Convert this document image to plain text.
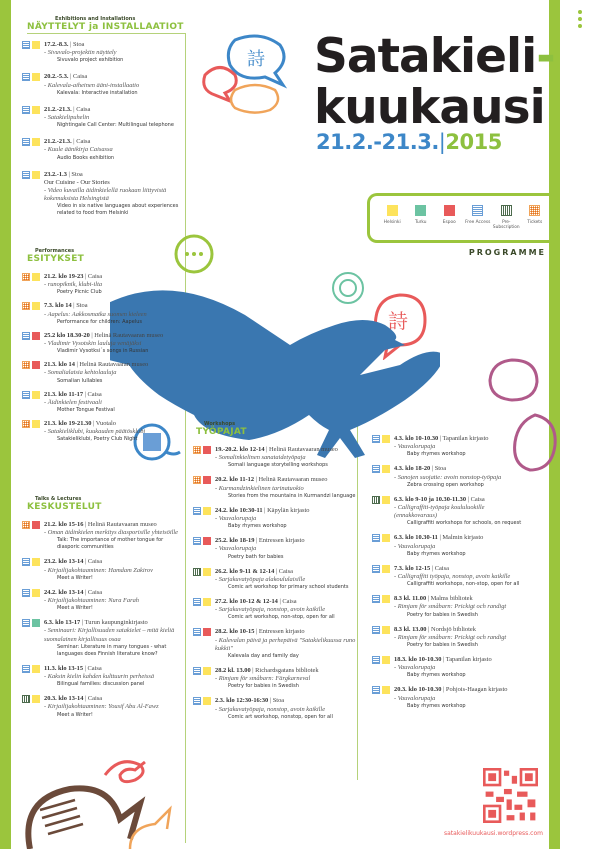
Satakieli-
kuukausi
21.2.-21.3.|2015
詩
詩
Helsinki	Turku	Espoo Free Access	Pre-Subscription
Tickets
PROGRAMME
Exhibitions and Installations
NÄYTTELYT ja INSTALLAATIOT
17.2.-8.3. | Stoa
- Sivuvalo-projektin näyttely
Sivuvalo project exhibition
20.2.-5.3. | Caisa
- Kalevala-aiheinen ääni-installaatio
Kalevala: Interactive installation
21.2.-21.3. | Caisa
- Satakielipuhelin
Nightingale Call Center: Multilingual telephone
21.2.-21.3. | Caisa
- Kuule äänikirja Caisassa
Audio Books exhibition
23.2.-1.3 | Stoa
Our Cuisine - Our Stories
- Video kuvailla äidinkielellä ruokaan liittyvistä kokemuksista Helsingistä
Video in six native languages about experiences related to food from Helsinki
Performances
ESITYKSET
21.2. klo 19-23 | Caisa
- runopiknik, klubi-ilta
Poetry Picnic Club
7.3. klo 14 | Stoa
- Aapelus: Aakkosmatka suomen kieleen
Performance for children: Aapelus
25.2 klo 18.30-20 | Helinä Rautavaaran museo
- Vladimir Vysotskin lauluja venäjäksi
Vladimir Vysotksi´s songs in Russian
21.3. klo 14 | Helinä Rautavaaran museo
- Somalialaisia kehtolauluja
Somalian lullabies
21.3. klo 11-17 | Caisa
- Äidinkielen festivaali
Mother Tongue Festival
21.3. klo 19-21.30 | Vuotalo
- Satakieliklubi, kuukauden päätösklubi
Satakieliklubi, Poetry Club Night
Talks & Lectures
KESKUSTELUT
21.2. klo 15-16 | Helinä Rautavaaran museo
- Oman äidinkielen merkitys diasporisille yhteisöille
Talk: The importance of mother tongue for diasporic communities
23.2. klo 13-14 | Caisa
- Kirjailijakohtaaminen: Hamdam Zakirov
Meet a Writer!
24.2. klo 13-14 | Caisa
- Kirjailijakohtaaminen: Nura Farah
Meet a Writer!
6.3. klo 13-17 | Turun kaupunginkirjasto
- Seminaari: Kirjallisuuden satakielet – mitä kieliä suomalainen kirjallisuus osaa
Seminar: Literature in many tongues - what languages does Finnish literature know?
11.3. klo 13-15 | Caisa
- Kaksin kielin kahden kulttuurin perheissä
Bilingual families: discussion panel
20.3. klo 13-14 | Caisa
- Kirjailijakohtaaminen: Yousif Abu Al-Fawz
Meet a Writer!
Workshops
TYÖPAJAT
19.-20.2. klo 12-14 | Helinä Rautavaaran museo
- Somalinkielinen sanataidetyöpaja
Somali language storytelling workshops
20.2. klo 11-12 | Helinä Rautavaaran museo
- Kurmandzinkielinen tarinatuokio
Stories from the mountains in Kurmandzi language
24.2. klo 10:30-11 | Käpylän kirjasto
- Vauvalorupaja
Baby rhymes workshop
25.2. klo 18-19 | Entressen kirjasto
- Vauvalorupaja
Poetry bath for babies
26.2. klo 9-11 & 12-14 | Caisa
- Sarjakuvatyöpaja alakoululaisille
Comic art workshop for primary school students
27.2. klo 10-12 & 12-14 | Caisa
- Sarjakuvatyöpaja, nonstop, avoin kaikille
Comic art workshop, non-stop, open for all
28.2. klo 10-15 | Entressen kirjasto
- Kalevalan päivä ja perhepäivä "Satakielikuussa runo kukkii"
Kalevala day and family day
28.2 kl. 13.00 | Richardsgatans bibliotek
- Rimjam för småbarn: Färgkarneval
Poetry for babies in Swedish
2.3. klo 12:30-16:30 | Stoa
- Sarjakuvatyöpaja, nonstop, avoin kaikille
Comic art workshop, nonstop, open for all
4.3. klo 10-10.30 | Tapanilan kirjasto
- Vauvalorupaja
Baby rhymes workshop
4.3. klo 18-20 | Stoa
- Sanojen suojatie: avoin nonstop-työpaja
Zebra crossing open workshop
6.3. klo 9-10 ja 10.30-11.30 | Caisa
- Calligraffiti-työpaja koululuokille (ennakkovaraus)
Calligraffiti workshops for schools, on request
6.3. klo 10.30-11 | Malmin kirjasto
- Vauvalorupaja
Baby rhymes workshop
7.3. klo 12-15 | Caisa
- Calligraffiti työpaja, nonstop, avoin kaikille
Calligraffiti workshops, non-stop, open for all
8.3 kl. 11.00 | Malms bibliotek
- Rimjam för småbarn: Prickigt och randigt
Poetry for babies in Swedish
8.3 kl. 13.00 | Nordsjö bibliotek
- Rimjam för småbarn: Prickigt och randigt
Poetry for babies in Swedish
18.3. klo 10-10.30 | Tapanilan kirjasto
- Vauvalorupaja
Baby rhymes workshop
20.3. klo 10-10.30 | Pohjois-Haagan kirjasto
- Vauvalorupaja
Baby rhymes workshop
satakielikuukausi.wordpress.com
